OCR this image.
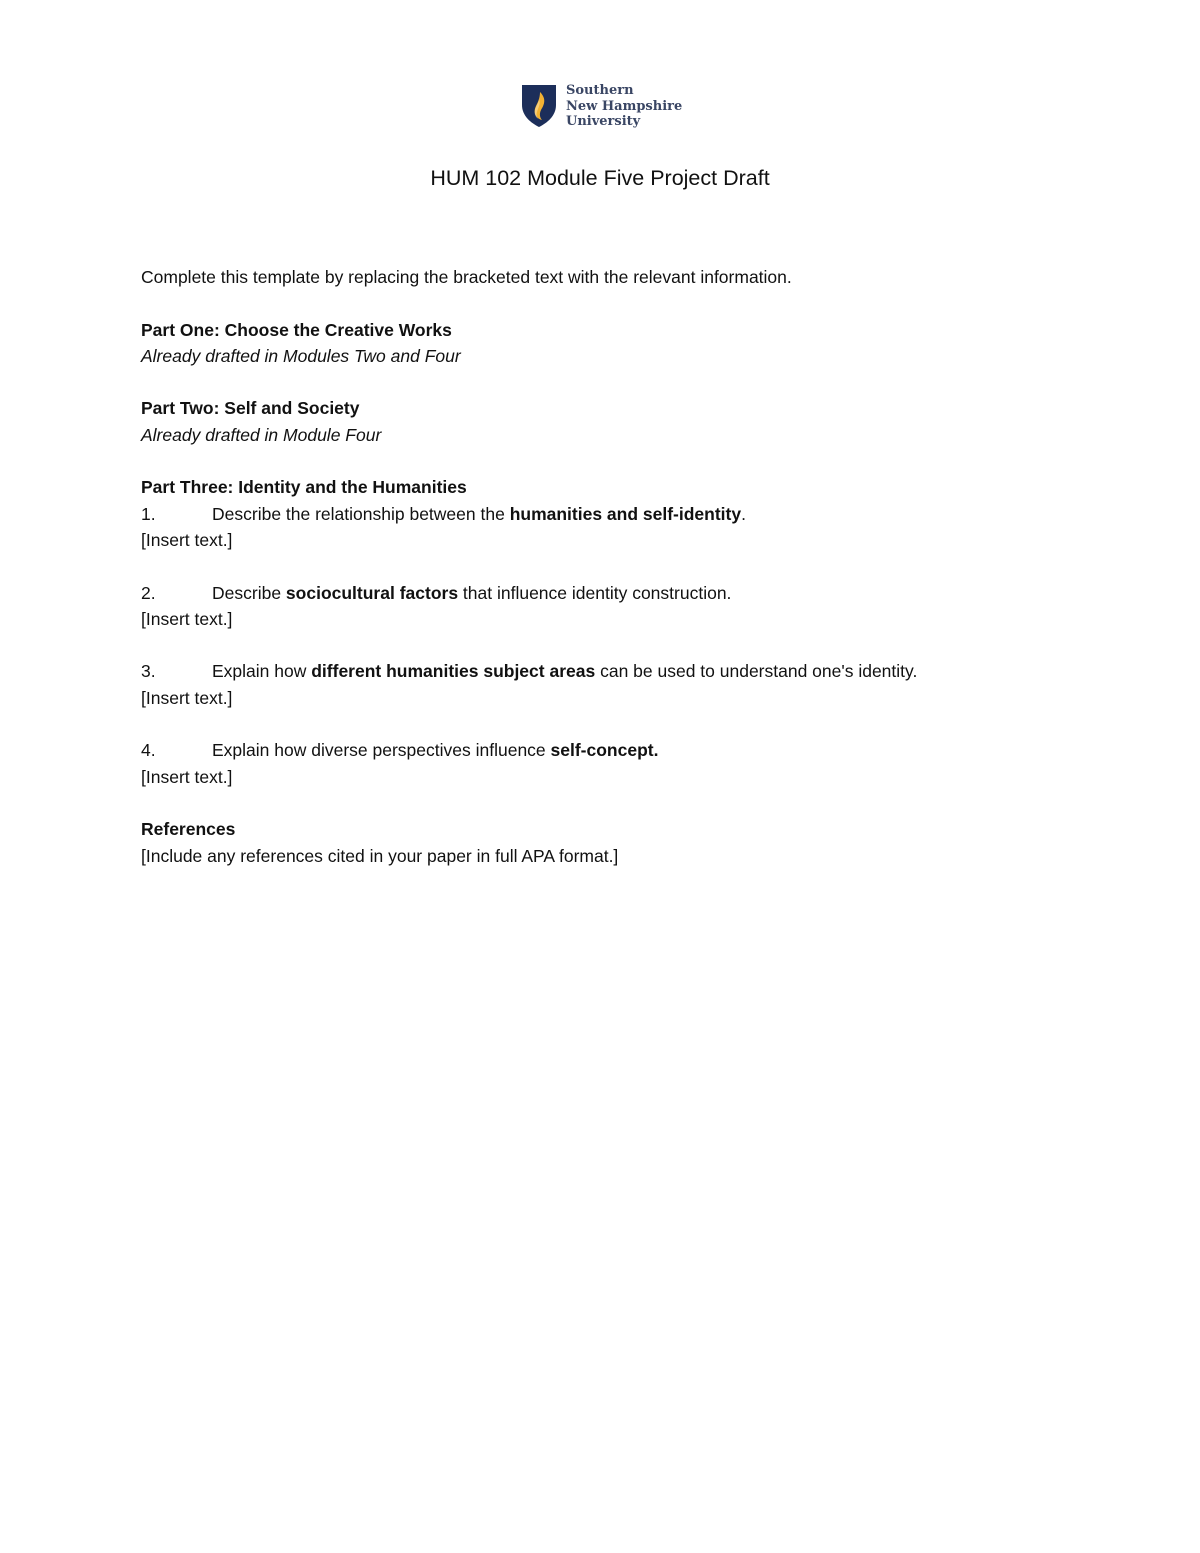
Southern
New Hampshire
University
HUM 102 Module Five Project Draft

Complete this template by replacing the bracketed text with the relevant information.

Part One: Choose the Creative Works

Already drafted in Modules Two and Four

Part Two: Self and Society

Already drafted in Module Four

Part Three: Identity and the Humanities

1.	Describe the relationship between the humanities and self-identity.

[Insert text.]

2.	Describe sociocultural factors that influence identity construction.

[Insert text.]

3.	Explain how different humanities subject areas can be used to understand one's identity.

[Insert text.]

4.	Explain how diverse perspectives influence self-concept.

[Insert text.]

References

[Include any references cited in your paper in full APA format.]
